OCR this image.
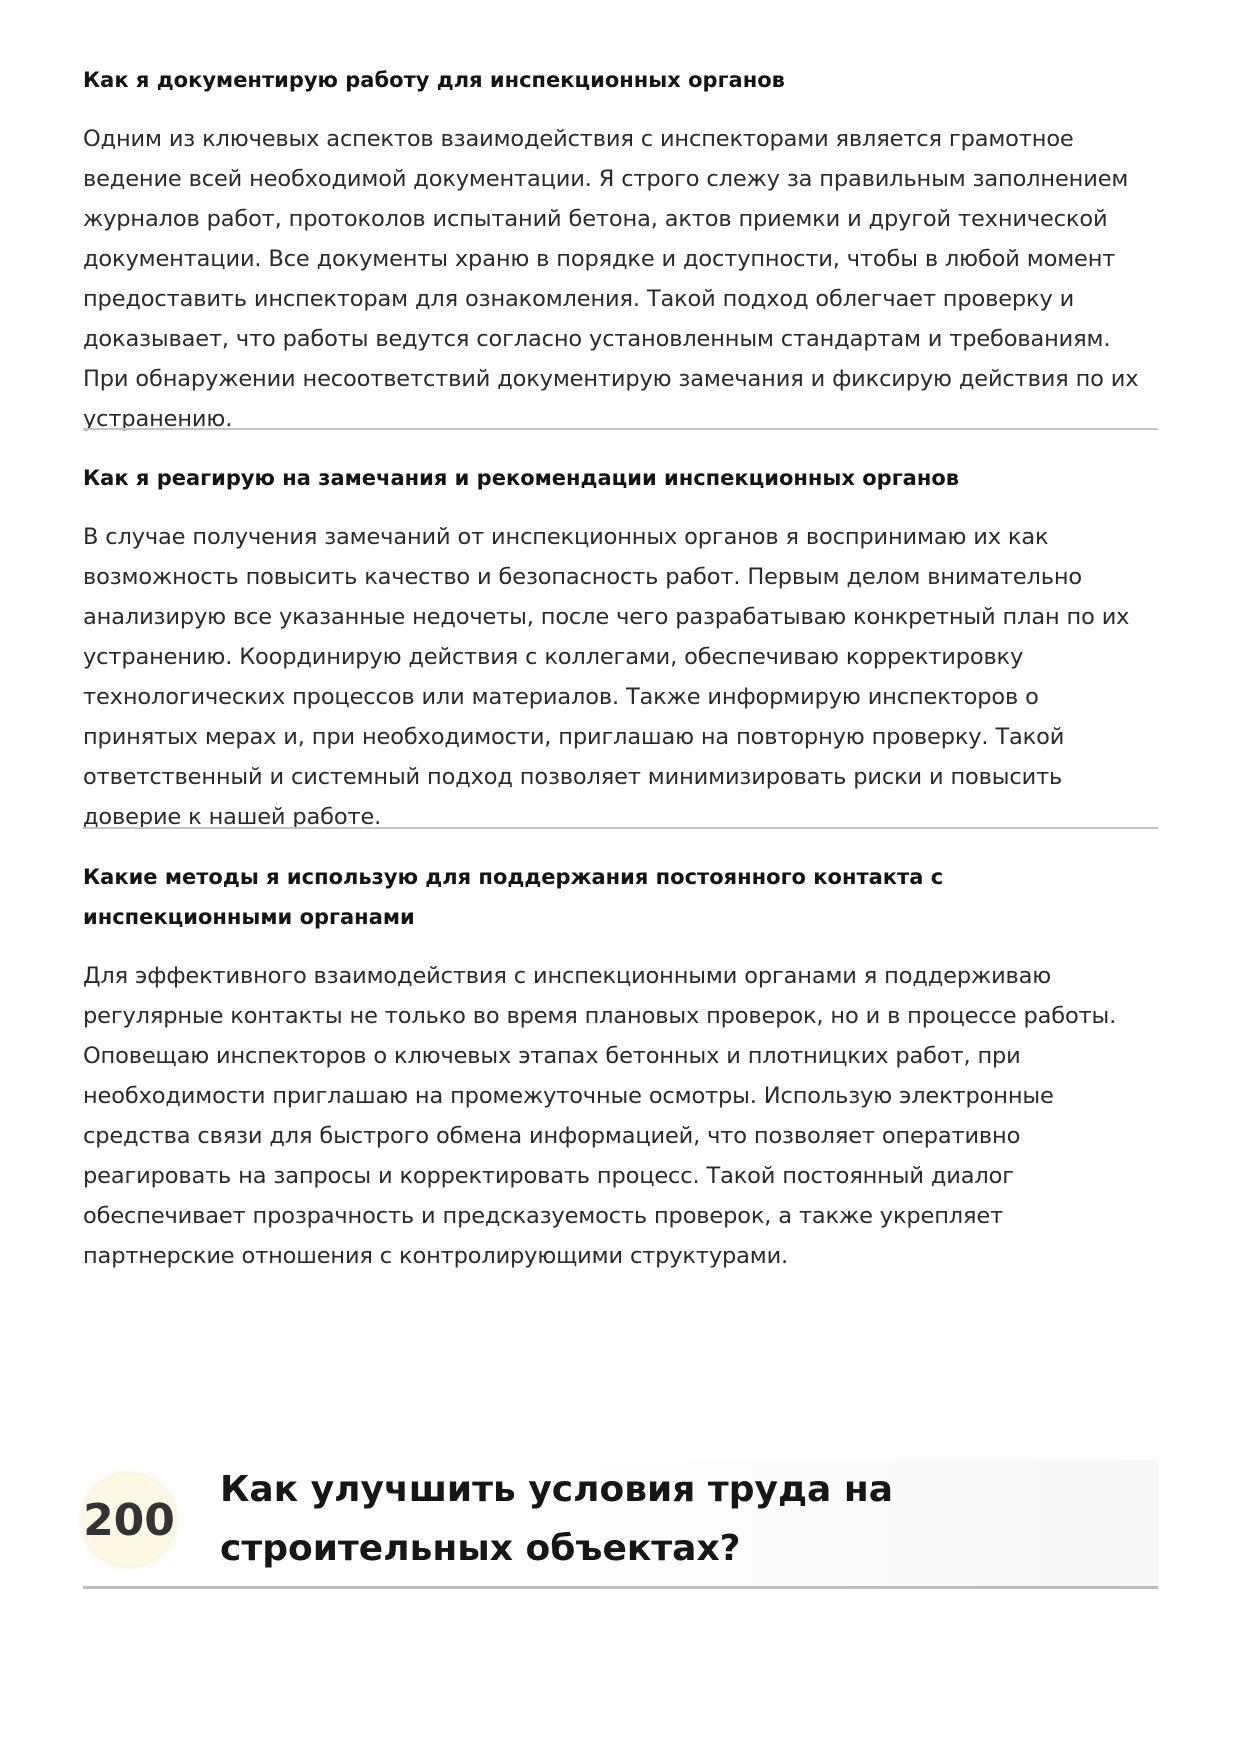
Как я документирую работу для инспекционных органов

Одним из ключевых аспектов взаимодействия с инспекторами является грамотное ведение всей необходимой документации. Я строго слежу за правильным заполнением журналов работ, протоколов испытаний бетона, актов приемки и другой технической документации. Все документы храню в порядке и доступности, чтобы в любой момент предоставить инспекторам для ознакомления. Такой подход облегчает проверку и доказывает, что работы ведутся согласно установленным стандартам и требованиям. При обнаружении несоответствий документирую замечания и фиксирую действия по их устранению.

Как я реагирую на замечания и рекомендации инспекционных органов

В случае получения замечаний от инспекционных органов я воспринимаю их как возможность повысить качество и безопасность работ. Первым делом внимательно анализирую все указанные недочеты, после чего разрабатываю конкретный план по их устранению. Координирую действия с коллегами, обеспечиваю корректировку технологических процессов или материалов. Также информирую инспекторов о принятых мерах и, при необходимости, приглашаю на повторную проверку. Такой ответственный и системный подход позволяет минимизировать риски и повысить доверие к нашей работе.

Какие методы я использую для поддержания постоянного контакта с инспекционными органами

Для эффективного взаимодействия с инспекционными органами я поддерживаю регулярные контакты не только во время плановых проверок, но и в процессе работы. Оповещаю инспекторов о ключевых этапах бетонных и плотницких работ, при необходимости приглашаю на промежуточные осмотры. Использую электронные средства связи для быстрого обмена информацией, что позволяет оперативно реагировать на запросы и корректировать процесс. Такой постоянный диалог обеспечивает прозрачность и предсказуемость проверок, а также укрепляет партнерские отношения с контролирующими структурами.

200
Как улучшить условия труда на строительных объектах?
